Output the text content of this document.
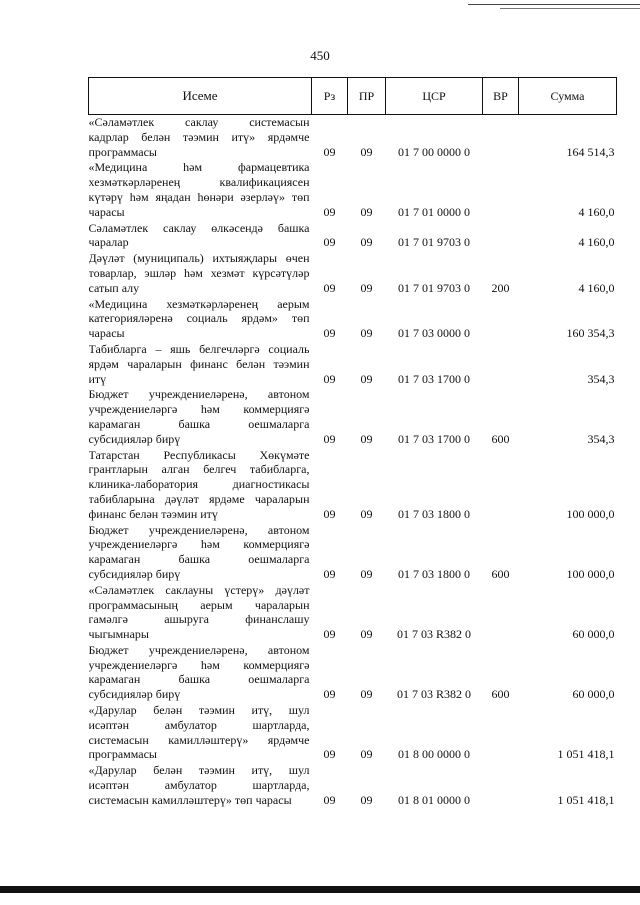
450
Исеме	Рз	ПР	ЦСР	ВР	Сумма

«Сәламәтлек саклау системасын
кадрлар белән тәэмин итү» ярдәмче
программасы	09	09	01 7 00 0000 0		164 514,3

«Медицина һәм фармацевтика
хезмәткәрләренең квалификациясен
күтәрү һәм яңадан һөнәри әзерләү» төп
чарасы	09	09	01 7 01 0000 0		4 160,0

Сәламәтлек саклау өлкәсендә башка
чаралар	09	09	01 7 01 9703 0		4 160,0

Дәүләт (муниципаль) ихтыяҗлары өчен
товарлар, эшләр һәм хезмәт күрсәтүләр
сатып алу	09	09	01 7 01 9703 0	200	4 160,0

«Медицина хезмәткәрләренең аерым
категорияләренә социаль ярдәм» төп
чарасы	09	09	01 7 03 0000 0		160 354,3

Табибларга – яшь белгечләргә социаль
ярдәм чараларын финанс белән тәэмин
итү	09	09	01 7 03 1700 0		354,3

Бюджет учреждениеләренә, автоном
учреждениеләргә һәм коммерциягә
карамаган башка оешмаларга
субсидияләр бирү	09	09	01 7 03 1700 0	600	354,3

Татарстан Республикасы Хөкүмәте
грантларын алган белгеч табибларга,
клиника-лаборатория диагностикасы
табибларына дәүләт ярдәме чараларын
финанс белән тәэмин итү	09	09	01 7 03 1800 0		100 000,0

Бюджет учреждениеләренә, автоном
учреждениеләргә һәм коммерциягә
карамаган башка оешмаларга
субсидияләр бирү	09	09	01 7 03 1800 0	600	100 000,0

«Сәламәтлек саклауны үстерү» дәүләт
программасының аерым чараларын
гамәлгә ашыруга финанслашу
чыгымнары	09	09	01 7 03 R382 0		60 000,0

Бюджет учреждениеләренә, автоном
учреждениеләргә һәм коммерциягә
карамаган башка оешмаларга
субсидияләр бирү	09	09	01 7 03 R382 0	600	60 000,0

«Дарулар белән тәэмин итү, шул
исәптән амбулатор шартларда,
системасын камилләштерү» ярдәмче
программасы	09	09	01 8 00 0000 0		1 051 418,1

«Дарулар белән тәэмин итү, шул
исәптән амбулатор шартларда,
системасын камилләштерү» төп чарасы	09	09	01 8 01 0000 0		1 051 418,1
